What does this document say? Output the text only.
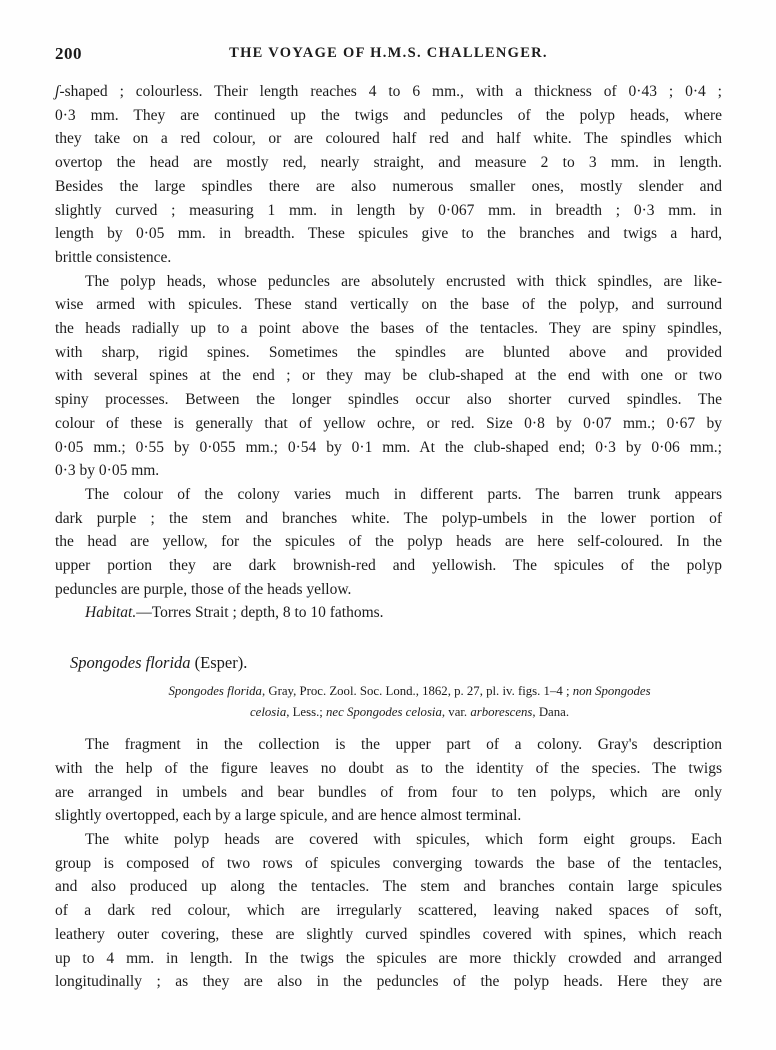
200	THE VOYAGE OF H.M.S. CHALLENGER.
ʃ-shaped ; colourless. Their length reaches 4 to 6 mm., with a thickness of 0·43 ; 0·4 ;
0·3 mm. They are continued up the twigs and peduncles of the polyp heads, where
they take on a red colour, or are coloured half red and half white. The spindles which
overtop the head are mostly red, nearly straight, and measure 2 to 3 mm. in length.
Besides the large spindles there are also numerous smaller ones, mostly slender and
slightly curved ; measuring 1 mm. in length by 0·067 mm. in breadth ; 0·3 mm. in
length by 0·05 mm. in breadth. These spicules give to the branches and twigs a hard,
brittle consistence.
The polyp heads, whose peduncles are absolutely encrusted with thick spindles, are like-
wise armed with spicules. These stand vertically on the base of the polyp, and surround
the heads radially up to a point above the bases of the tentacles. They are spiny spindles,
with sharp, rigid spines. Sometimes the spindles are blunted above and provided
with several spines at the end ; or they may be club-shaped at the end with one or two
spiny processes. Between the longer spindles occur also shorter curved spindles. The
colour of these is generally that of yellow ochre, or red. Size 0·8 by 0·07 mm.; 0·67 by
0·05 mm.; 0·55 by 0·055 mm.; 0·54 by 0·1 mm. At the club-shaped end; 0·3 by 0·06 mm.;
0·3 by 0·05 mm.
The colour of the colony varies much in different parts. The barren trunk appears
dark purple ; the stem and branches white. The polyp-umbels in the lower portion of
the head are yellow, for the spicules of the polyp heads are here self-coloured. In the
upper portion they are dark brownish-red and yellowish. The spicules of the polyp
peduncles are purple, those of the heads yellow.
Habitat.—Torres Strait ; depth, 8 to 10 fathoms.
Spongodes florida (Esper).
Spongodes florida, Gray, Proc. Zool. Soc. Lond., 1862, p. 27, pl. iv. figs. 1–4 ; non Spongodes
celosia, Less.; nec Spongodes celosia, var. arborescens, Dana.
The fragment in the collection is the upper part of a colony. Gray's description
with the help of the figure leaves no doubt as to the identity of the species. The twigs
are arranged in umbels and bear bundles of from four to ten polyps, which are only
slightly overtopped, each by a large spicule, and are hence almost terminal.
The white polyp heads are covered with spicules, which form eight groups. Each
group is composed of two rows of spicules converging towards the base of the tentacles,
and also produced up along the tentacles. The stem and branches contain large spicules
of a dark red colour, which are irregularly scattered, leaving naked spaces of soft,
leathery outer covering, these are slightly curved spindles covered with spines, which reach
up to 4 mm. in length. In the twigs the spicules are more thickly crowded and arranged
longitudinally ; as they are also in the peduncles of the polyp heads. Here they are
